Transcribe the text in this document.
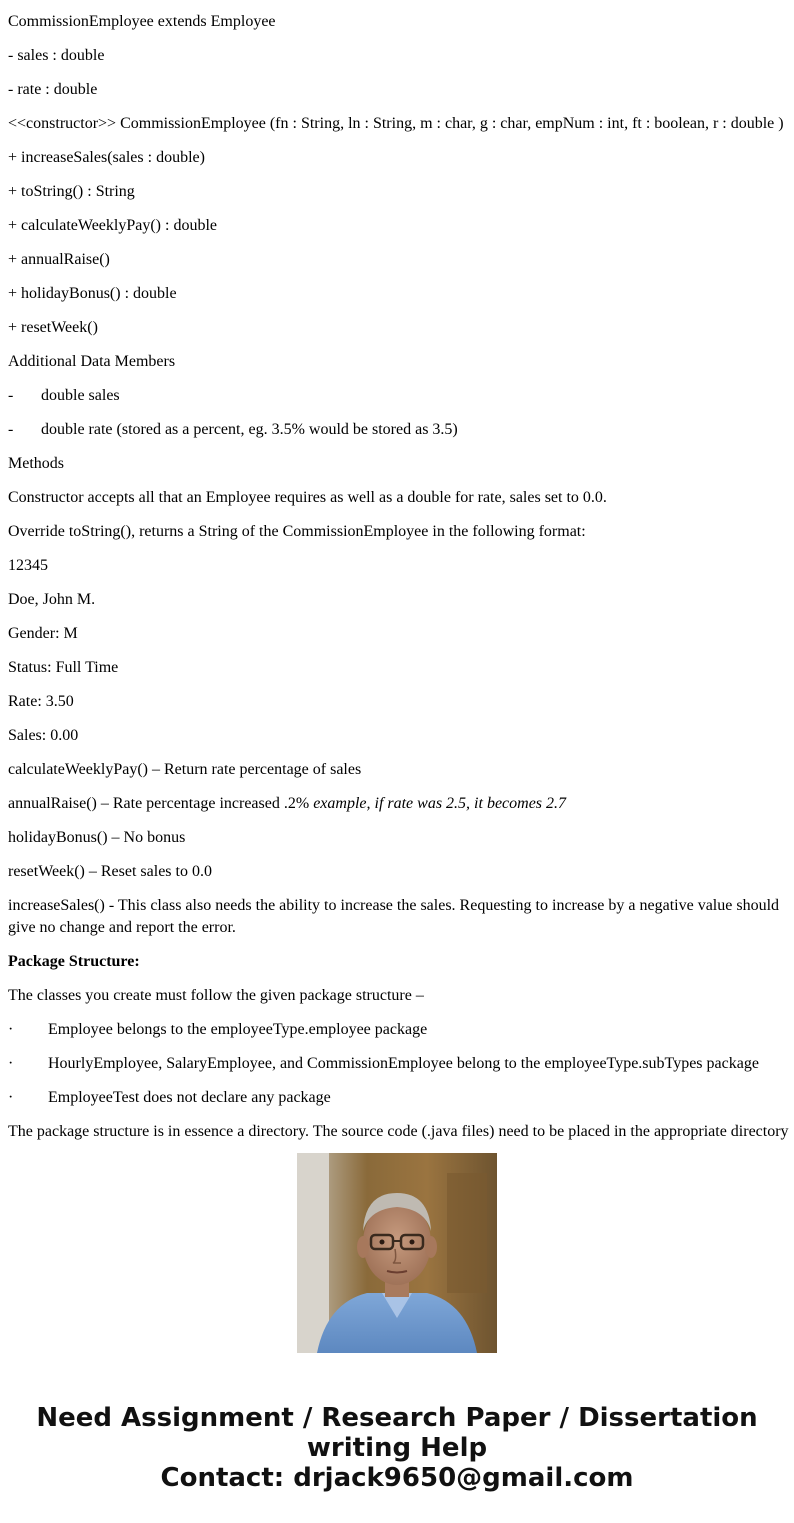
CommissionEmployee extends Employee

- sales : double

- rate : double

<<constructor>> CommissionEmployee (fn : String, ln : String, m : char, g : char, empNum : int, ft : boolean, r : double )

+ increaseSales(sales : double)

+ toString() : String

+ calculateWeeklyPay() : double

+ annualRaise()

+ holidayBonus() : double

+ resetWeek()

Additional Data Members

- double sales

- double rate (stored as a percent, eg. 3.5% would be stored as 3.5)

Methods

Constructor accepts all that an Employee requires as well as a double for rate, sales set to 0.0.

Override toString(), returns a String of the CommissionEmployee in the following format:

12345

Doe, John M.

Gender: M

Status: Full Time

Rate: 3.50

Sales: 0.00

calculateWeeklyPay() – Return rate percentage of sales

annualRaise() – Rate percentage increased .2% example, if rate was 2.5, it becomes 2.7

holidayBonus() – No bonus

resetWeek() – Reset sales to 0.0

increaseSales() - This class also needs the ability to increase the sales. Requesting to increase by a negative value should give no change and report the error.

Package Structure:

The classes you create must follow the given package structure –

· Employee belongs to the employeeType.employee package

· HourlyEmployee, SalaryEmployee, and CommissionEmployee belong to the employeeType.subTypes package

· EmployeeTest does not declare any package

The package structure is in essence a directory. The source code (.java files) need to be placed in the appropriate directory

Need Assignment / Research Paper / Dissertation
writing Help
Contact: drjack9650@gmail.com
